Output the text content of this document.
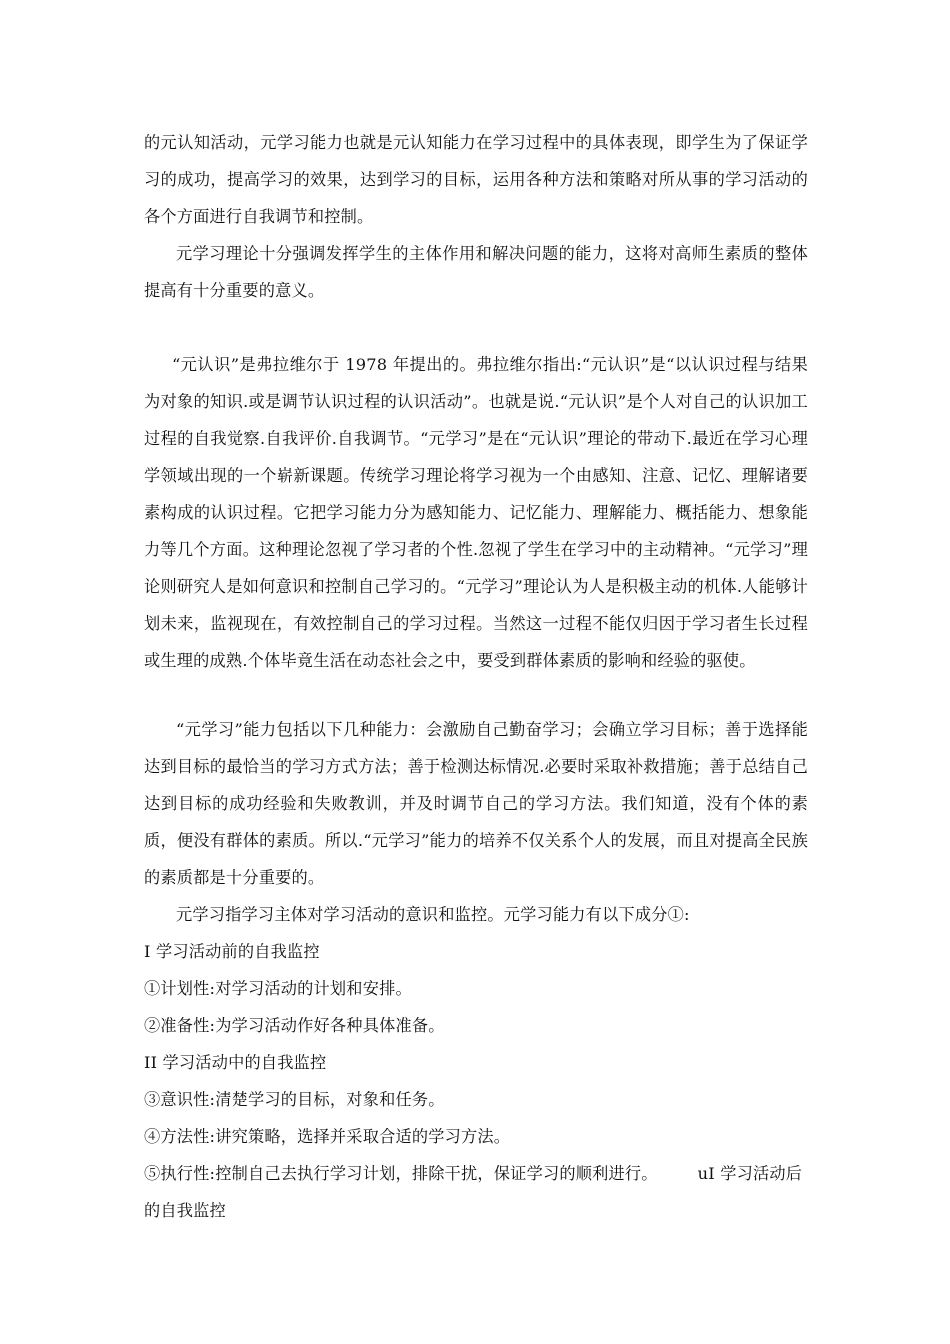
的元认知活动，元学习能力也就是元认知能力在学习过程中的具体表现，即学生为了保证学习的成功，提高学习的效果，达到学习的目标，运用各种方法和策略对所从事的学习活动的各个方面进行自我调节和控制。

元学习理论十分强调发挥学生的主体作用和解决问题的能力，这将对高师生素质的整体提高有十分重要的意义。

“元认识”是弗拉维尔于 1978 年提出的。弗拉维尔指出:“元认识”是“以认识过程与结果为对象的知识.或是调节认识过程的认识活动”。也就是说.“元认识”是个人对自己的认识加工过程的自我觉察.自我评价.自我调节。“元学习”是在“元认识”理论的带动下.最近在学习心理学领域出现的一个崭新课题。传统学习理论将学习视为一个由感知、注意、记忆、理解诸要素构成的认识过程。它把学习能力分为感知能力、记忆能力、理解能力、概括能力、想象能力等几个方面。这种理论忽视了学习者的个性.忽视了学生在学习中的主动精神。“元学习”理论则研究人是如何意识和控制自己学习的。“元学习”理论认为人是积极主动的机体.人能够计划未来，监视现在，有效控制自己的学习过程。当然这一过程不能仅归因于学习者生长过程或生理的成熟.个体毕竟生活在动态社会之中，要受到群体素质的影响和经验的驱使。

“元学习”能力包括以下几种能力：会激励自己勤奋学习；会确立学习目标；善于选择能达到目标的最恰当的学习方式方法；善于检测达标情况.必要时采取补救措施；善于总结自己达到目标的成功经验和失败教训，并及时调节自己的学习方法。我们知道，没有个体的素质，便没有群体的素质。所以.“元学习”能力的培养不仅关系个人的发展，而且对提高全民族的素质都是十分重要的。

元学习指学习主体对学习活动的意识和监控。元学习能力有以下成分①:

I 学习活动前的自我监控
①计划性:对学习活动的计划和安排。
②准备性:为学习活动作好各种具体准备。
II 学习活动中的自我监控
③意识性:清楚学习的目标，对象和任务。
④方法性:讲究策略，选择并采取合适的学习方法。
⑤执行性:控制自己去执行学习计划，排除干扰，保证学习的顺利进行。 uI 学习活动后
的自我监控
